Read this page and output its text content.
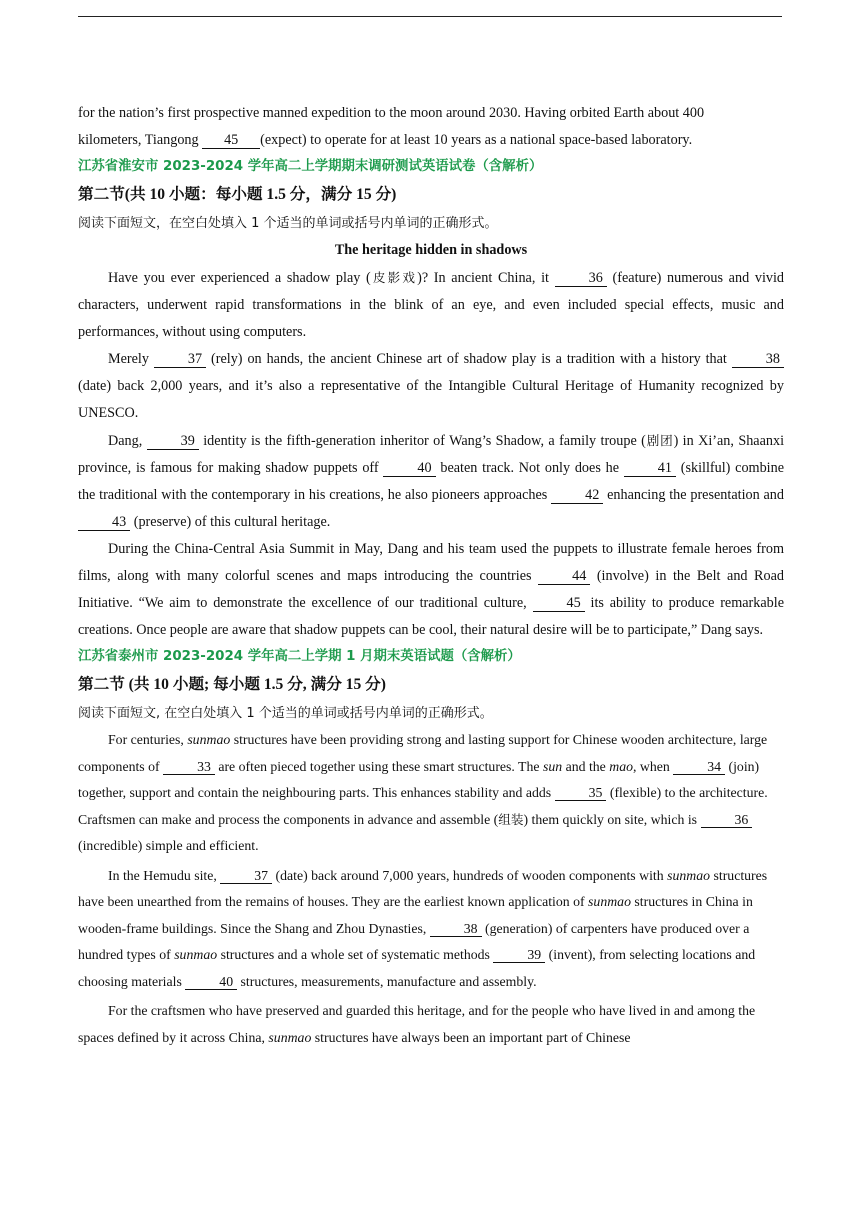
for the nation’s first prospective manned expedition to the moon around 2030. Having orbited Earth about 400

kilometers, Tiangong 45 (expect) to operate for at least 10 years as a national space-based laboratory.

江苏省淮安市 2023-2024 学年高二上学期期末调研测试英语试卷（含解析）

第二节(共 10 小题：每小题 1.5 分，满分 15 分)

阅读下面短文，在空白处填入 1 个适当的单词或括号内单词的正确形式。

The heritage hidden in shadows

Have you ever experienced a shadow play (皮影戏)? In ancient China, it 36 (feature) numerous and vivid characters, underwent rapid transformations in the blink of an eye, and even included special effects, music and performances, without using computers.

Merely 37 (rely) on hands, the ancient Chinese art of shadow play is a tradition with a history that 38 (date) back 2,000 years, and it’s also a representative of the Intangible Cultural Heritage of Humanity recognized by UNESCO.

Dang, 39 identity is the fifth-generation inheritor of Wang’s Shadow, a family troupe (剧团) in Xi’an, Shaanxi province, is famous for making shadow puppets off 40 beaten track. Not only does he 41 (skillful) combine the traditional with the contemporary in his creations, he also pioneers approaches 42 enhancing the presentation and 43 (preserve) of this cultural heritage.

During the China-Central Asia Summit in May, Dang and his team used the puppets to illustrate female heroes from films, along with many colorful scenes and maps introducing the countries 44 (involve) in the Belt and Road Initiative. “We aim to demonstrate the excellence of our traditional culture, 45 its ability to produce remarkable creations. Once people are aware that shadow puppets can be cool, their natural desire will be to participate,” Dang says.

江苏省泰州市 2023-2024 学年高二上学期 1 月期末英语试题（含解析）

第二节 (共 10 小题; 每小题 1.5 分, 满分 15 分)

阅读下面短文, 在空白处填入 1 个适当的单词或括号内单词的正确形式。

For centuries, sunmao structures have been providing strong and lasting support for Chinese wooden architecture, large components of 33 are often pieced together using these smart structures. The sun and the mao, when 34 (join) together, support and contain the neighbouring parts. This enhances stability and adds 35 (flexible) to the architecture. Craftsmen can make and process the components in advance and assemble (组装) them quickly on site, which is 36 (incredible) simple and efficient.

In the Hemudu site, 37 (date) back around 7,000 years, hundreds of wooden components with sunmao structures have been unearthed from the remains of houses. They are the earliest known application of sunmao structures in China in wooden-frame buildings. Since the Shang and Zhou Dynasties, 38 (generation) of carpenters have produced over a hundred types of sunmao structures and a whole set of systematic methods 39 (invent), from selecting locations and choosing materials 40 structures, measurements, manufacture and assembly.

For the craftsmen who have preserved and guarded this heritage, and for the people who have lived in and among the spaces defined by it across China, sunmao structures have always been an important part of Chinese
